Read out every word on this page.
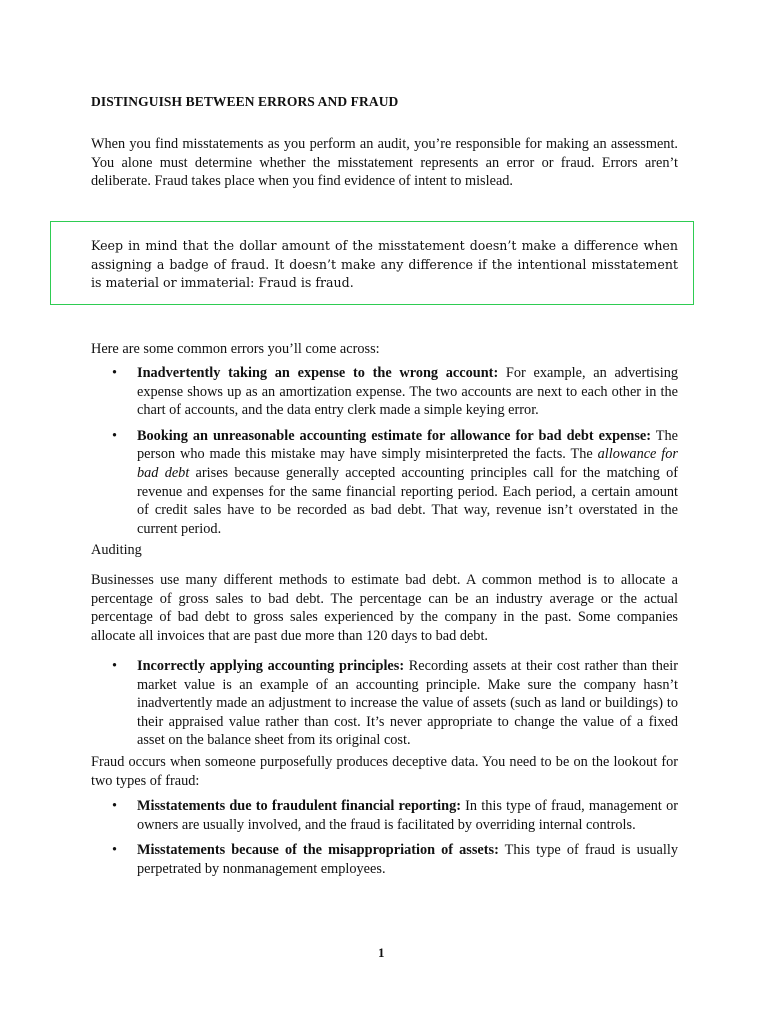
DISTINGUISH BETWEEN ERRORS AND FRAUD

When you find misstatements as you perform an audit, you’re responsible for making an assessment. You alone must determine whether the misstatement represents an error or fraud. Errors aren’t deliberate. Fraud takes place when you find evidence of intent to mislead.

Keep in mind that the dollar amount of the misstatement doesn’t make a difference when assigning a badge of fraud. It doesn’t make any difference if the intentional misstatement is material or immaterial: Fraud is fraud.

Here are some common errors you’ll come across:

• Inadvertently taking an expense to the wrong account: For example, an advertising expense shows up as an amortization expense. The two accounts are next to each other in the chart of accounts, and the data entry clerk made a simple keying error.
• Booking an unreasonable accounting estimate for allowance for bad debt expense: The person who made this mistake may have simply misinterpreted the facts. The allowance for bad debt arises because generally accepted accounting principles call for the matching of revenue and expenses for the same financial reporting period. Each period, a certain amount of credit sales have to be recorded as bad debt. That way, revenue isn’t overstated in the current period.
Auditing

Businesses use many different methods to estimate bad debt. A common method is to allocate a percentage of gross sales to bad debt. The percentage can be an industry average or the actual percentage of bad debt to gross sales experienced by the company in the past. Some companies allocate all invoices that are past due more than 120 days to bad debt.

• Incorrectly applying accounting principles: Recording assets at their cost rather than their market value is an example of an accounting principle. Make sure the company hasn’t inadvertently made an adjustment to increase the value of assets (such as land or buildings) to their appraised value rather than cost. It’s never appropriate to change the value of a fixed asset on the balance sheet from its original cost.

Fraud occurs when someone purposefully produces deceptive data. You need to be on the lookout for two types of fraud:

• Misstatements due to fraudulent financial reporting: In this type of fraud, management or owners are usually involved, and the fraud is facilitated by overriding internal controls.
• Misstatements because of the misappropriation of assets: This type of fraud is usually perpetrated by nonmanagement employees.
1
